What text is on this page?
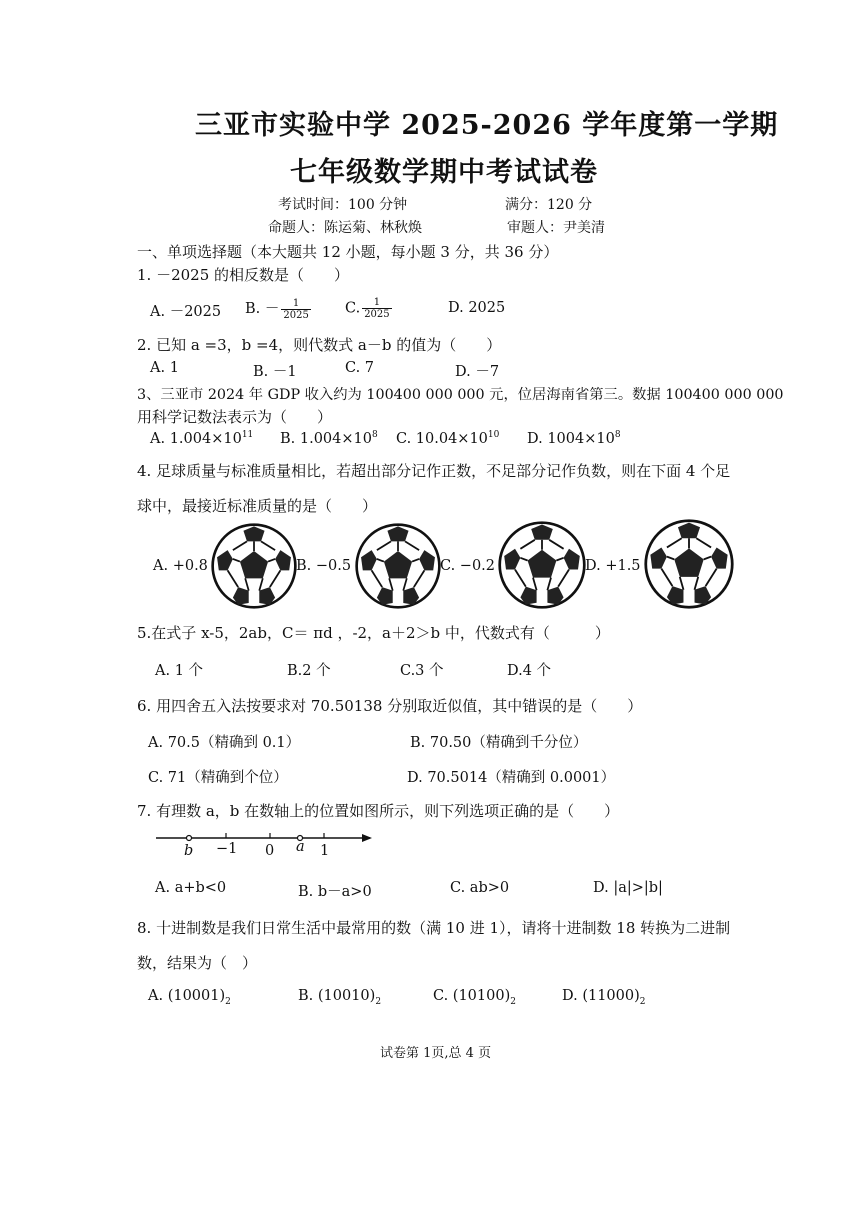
三亚市实验中学 2025-2026 学年度第一学期
七年级数学期中考试试卷
考试时间：100 分钟	满分：120 分
命题人：陈运菊、林秋焕	审题人：尹美清
一、单项选择题（本大题共 12 小题，每小题 3 分，共 36 分）
1. －2025 的相反数是（　　）
A. －2025 B. － $\frac{1}{2025} C$. $\frac{1}{2025}$	D. 2025
2. 已知 a =3，b =4，则代数式 a－b 的值为（　　）
A. 1	B. －1	C. 7	D. －7
3、三亚市 2024 年 GDP 收入约为 100400 000 000 元，位居海南省第三。数据 100400 000 000
用科学记数法表示为（　　）
A. $1.004\times 10^{11}$ B. $1.004\times 10^8$ C. $10.04\times 10^{10}$ D. $1004\times 10^8$
4. 足球质量与标准质量相比，若超出部分记作正数，不足部分记作负数，则在下面 4 个足
球中，最接近标准质量的是（　　）
A. +0.8	B. −0.5	C. −0.2	D. +1.5
5.在式子 x-5，2ab，C＝ πd ，-2，a＋2＞b 中，代数式有（　　　）
A. 1 个	B.2 个	C.3 个	D.4 个
6. 用四舍五入法按要求对 70.50138 分别取近似值，其中错误的是（　　）
A. 70.5（精确到 0.1）	B. 70.50（精确到千分位）
C. 71（精确到个位）	D. 70.5014（精确到 0.0001）
7. 有理数 a，b 在数轴上的位置如图所示，则下列选项正确的是（　　）
b −1 0 a 1
A. a+b<0	B. b－a>0	C. ab>0	D. |a|>|b|
8. 十进制数是我们日常生活中最常用的数（满 10 进 1），请将十进制数 18 转换为二进制
数，结果为（　）
A. $(10001)_2$	B. $(10010)_2$	C. $(10100)_2$	D. $(11000)_2$
试卷第 1页,总 4 页
